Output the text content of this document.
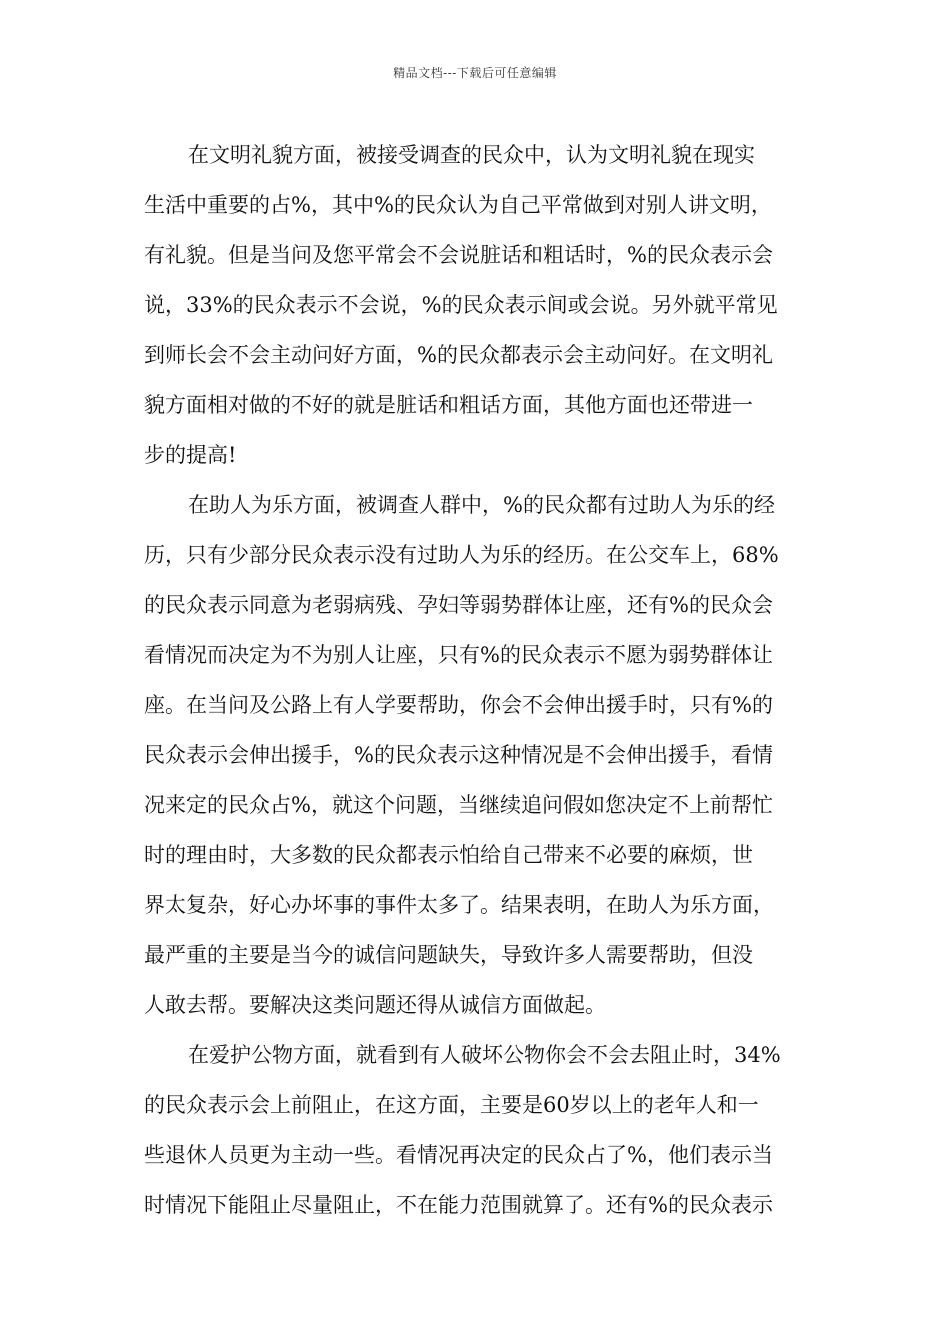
精品文档---下载后可任意编辑
在文明礼貌方面，被接受调查的民众中，认为文明礼貌在现实
生活中重要的占%，其中%的民众认为自己平常做到对别人讲文明，
有礼貌。但是当问及您平常会不会说脏话和粗话时，%的民众表示会
说，33%的民众表示不会说，%的民众表示间或会说。另外就平常见
到师长会不会主动问好方面，%的民众都表示会主动问好。在文明礼
貌方面相对做的不好的就是脏话和粗话方面，其他方面也还带进一
步的提高!
在助人为乐方面，被调查人群中，%的民众都有过助人为乐的经
历，只有少部分民众表示没有过助人为乐的经历。在公交车上，68%
的民众表示同意为老弱病残、孕妇等弱势群体让座，还有%的民众会
看情况而决定为不为别人让座，只有%的民众表示不愿为弱势群体让
座。在当问及公路上有人学要帮助，你会不会伸出援手时，只有%的
民众表示会伸出援手，%的民众表示这种情况是不会伸出援手，看情
况来定的民众占%，就这个问题，当继续追问假如您决定不上前帮忙
时的理由时，大多数的民众都表示怕给自己带来不必要的麻烦，世
界太复杂，好心办坏事的事件太多了。结果表明，在助人为乐方面，
最严重的主要是当今的诚信问题缺失，导致许多人需要帮助，但没
人敢去帮。要解决这类问题还得从诚信方面做起。
在爱护公物方面，就看到有人破坏公物你会不会去阻止时，34%
的民众表示会上前阻止，在这方面，主要是60岁以上的老年人和一
些退休人员更为主动一些。看情况再决定的民众占了%，他们表示当
时情况下能阻止尽量阻止，不在能力范围就算了。还有%的民众表示
